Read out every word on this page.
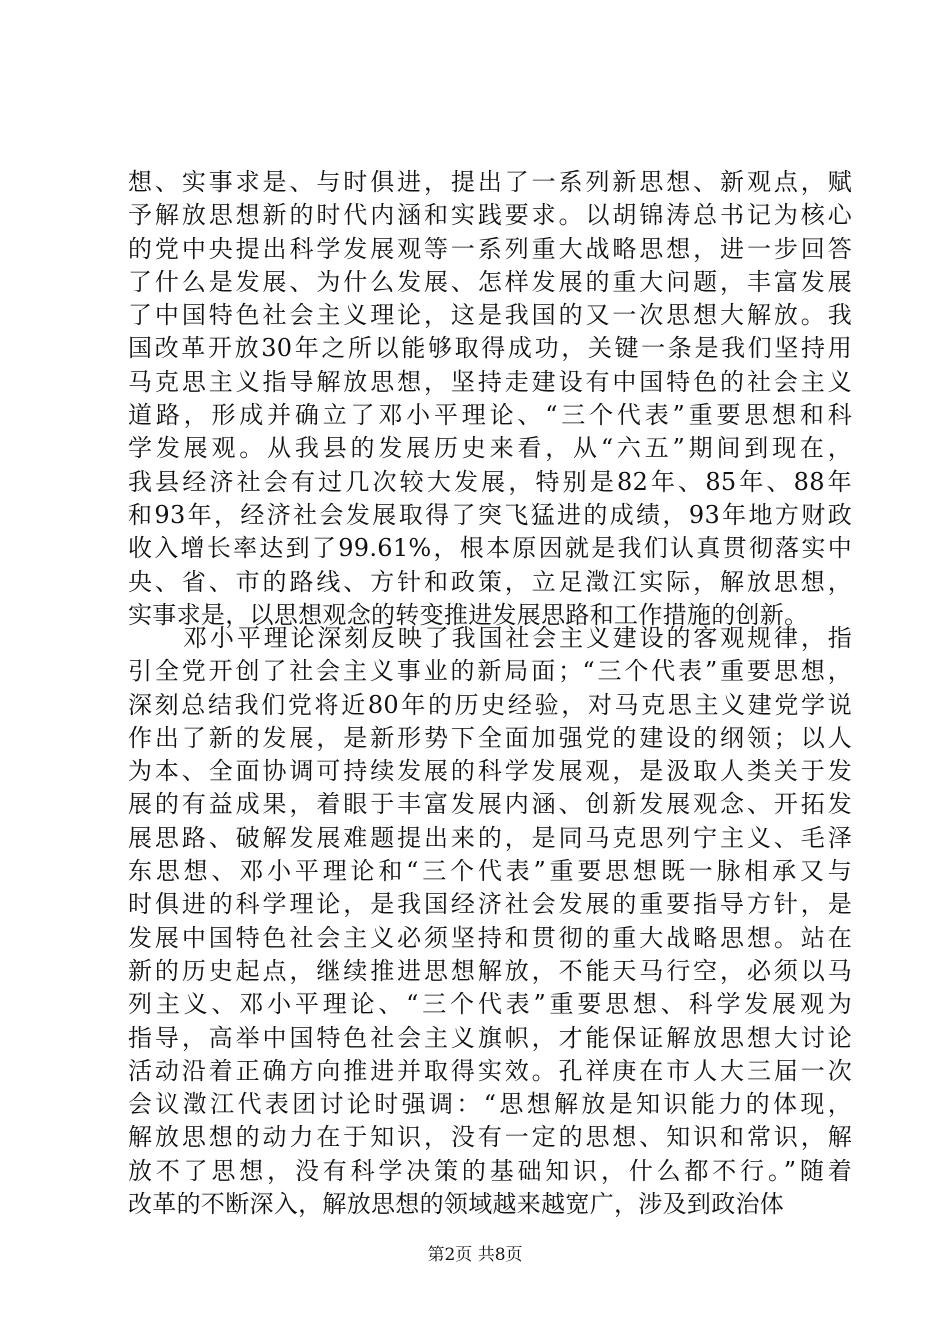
想、实事求是、与时俱进，提出了一系列新思想、新观点，赋
予解放思想新的时代内涵和实践要求。以胡锦涛总书记为核心
的党中央提出科学发展观等一系列重大战略思想，进一步回答
了什么是发展、为什么发展、怎样发展的重大问题，丰富发展
了中国特色社会主义理论，这是我国的又一次思想大解放。我
国改革开放30年之所以能够取得成功，关键一条是我们坚持用
马克思主义指导解放思想，坚持走建设有中国特色的社会主义
道路，形成并确立了邓小平理论、“三个代表”重要思想和科
学发展观。从我县的发展历史来看，从“六五”期间到现在，
我县经济社会有过几次较大发展，特别是82年、85年、88年
和93年，经济社会发展取得了突飞猛进的成绩，93年地方财政
收入增长率达到了99.61%，根本原因就是我们认真贯彻落实中
央、省、市的路线、方针和政策，立足澂江实际，解放思想，
实事求是，以思想观念的转变推进发展思路和工作措施的创新。
邓小平理论深刻反映了我国社会主义建设的客观规律，指
引全党开创了社会主义事业的新局面；“三个代表”重要思想，
深刻总结我们党将近80年的历史经验，对马克思主义建党学说
作出了新的发展，是新形势下全面加强党的建设的纲领；以人
为本、全面协调可持续发展的科学发展观，是汲取人类关于发
展的有益成果，着眼于丰富发展内涵、创新发展观念、开拓发
展思路、破解发展难题提出来的，是同马克思列宁主义、毛泽
东思想、邓小平理论和“三个代表”重要思想既一脉相承又与
时俱进的科学理论，是我国经济社会发展的重要指导方针，是
发展中国特色社会主义必须坚持和贯彻的重大战略思想。站在
新的历史起点，继续推进思想解放，不能天马行空，必须以马
列主义、邓小平理论、“三个代表”重要思想、科学发展观为
指导，高举中国特色社会主义旗帜，才能保证解放思想大讨论
活动沿着正确方向推进并取得实效。孔祥庚在市人大三届一次
会议澂江代表团讨论时强调：“思想解放是知识能力的体现，
解放思想的动力在于知识，没有一定的思想、知识和常识，解
放不了思想，没有科学决策的基础知识，什么都不行。”随着
改革的不断深入，解放思想的领域越来越宽广，涉及到政治体
第2页 共8页
